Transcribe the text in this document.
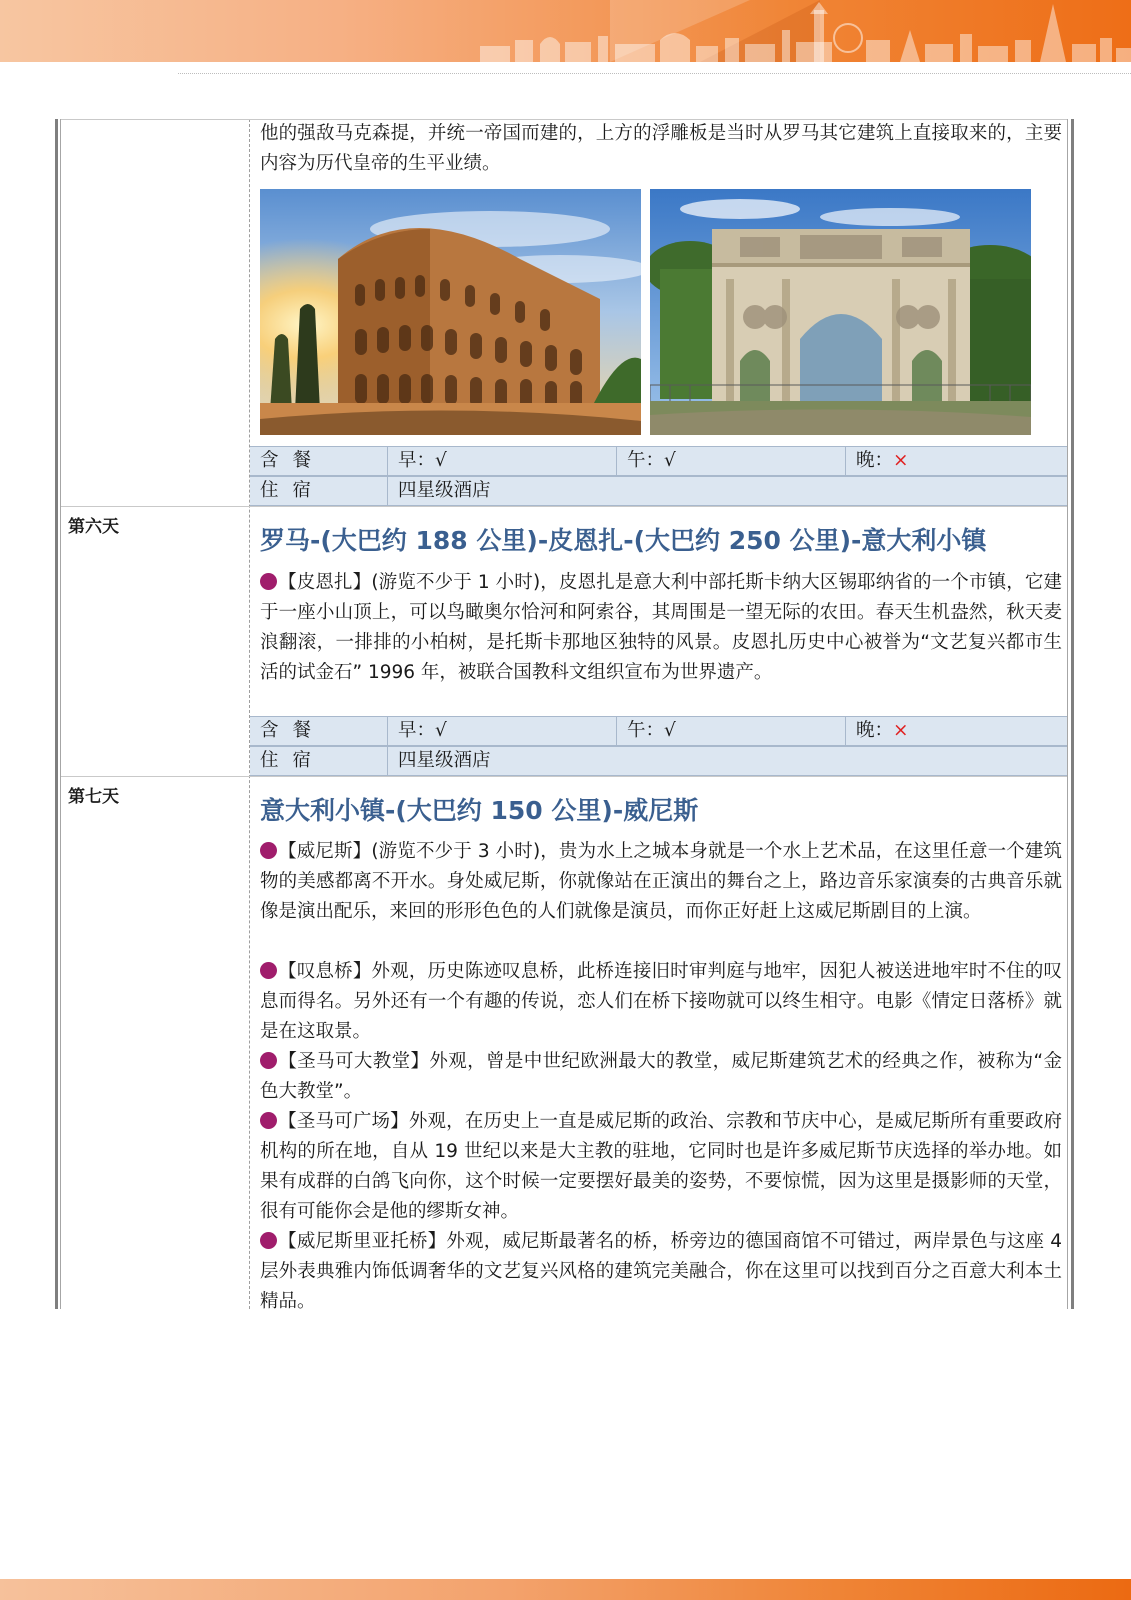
他的强敌马克森提，并统一帝国而建的，上方的浮雕板是当时从罗马其它建筑上直接取来的，主要内容为历代皇帝的生平业绩。

含餐	早：√	午：√	晚：×
住宿	四星级酒店
第六天	罗马-(大巴约 188 公里)-皮恩扎-(大巴约 250 公里)-意大利小镇

【皮恩扎】(游览不少于 1 小时)，皮恩扎是意大利中部托斯卡纳大区锡耶纳省的一个市镇，它建于一座小山顶上，可以鸟瞰奥尔恰河和阿索谷，其周围是一望无际的农田。春天生机盎然，秋天麦浪翻滚，一排排的小柏树，是托斯卡那地区独特的风景。皮恩扎历史中心被誉为“文艺复兴都市生活的试金石” 1996 年，被联合国教科文组织宣布为世界遗产。

含餐	早：√	午：√	晚：×
住宿	四星级酒店
第七天	意大利小镇-(大巴约 150 公里)-威尼斯

【威尼斯】(游览不少于 3 小时)，贵为水上之城本身就是一个水上艺术品，在这里任意一个建筑物的美感都离不开水。身处威尼斯，你就像站在正演出的舞台之上，路边音乐家演奏的古典音乐就像是演出配乐，来回的形形色色的人们就像是演员，而你正好赶上这威尼斯剧目的上演。

【叹息桥】外观，历史陈迹叹息桥，此桥连接旧时审判庭与地牢，因犯人被送进地牢时不住的叹息而得名。另外还有一个有趣的传说，恋人们在桥下接吻就可以终生相守。电影《情定日落桥》就是在这取景。

【圣马可大教堂】外观，曾是中世纪欧洲最大的教堂，威尼斯建筑艺术的经典之作，被称为“金色大教堂”。

【圣马可广场】外观，在历史上一直是威尼斯的政治、宗教和节庆中心，是威尼斯所有重要政府机构的所在地，自从 19 世纪以来是大主教的驻地，它同时也是许多威尼斯节庆选择的举办地。如果有成群的白鸽飞向你，这个时候一定要摆好最美的姿势，不要惊慌，因为这里是摄影师的天堂，很有可能你会是他的缪斯女神。

【威尼斯里亚托桥】外观，威尼斯最著名的桥，桥旁边的德国商馆不可错过，两岸景色与这座 4 层外表典雅内饰低调奢华的文艺复兴风格的建筑完美融合，你在这里可以找到百分之百意大利本土精品。
